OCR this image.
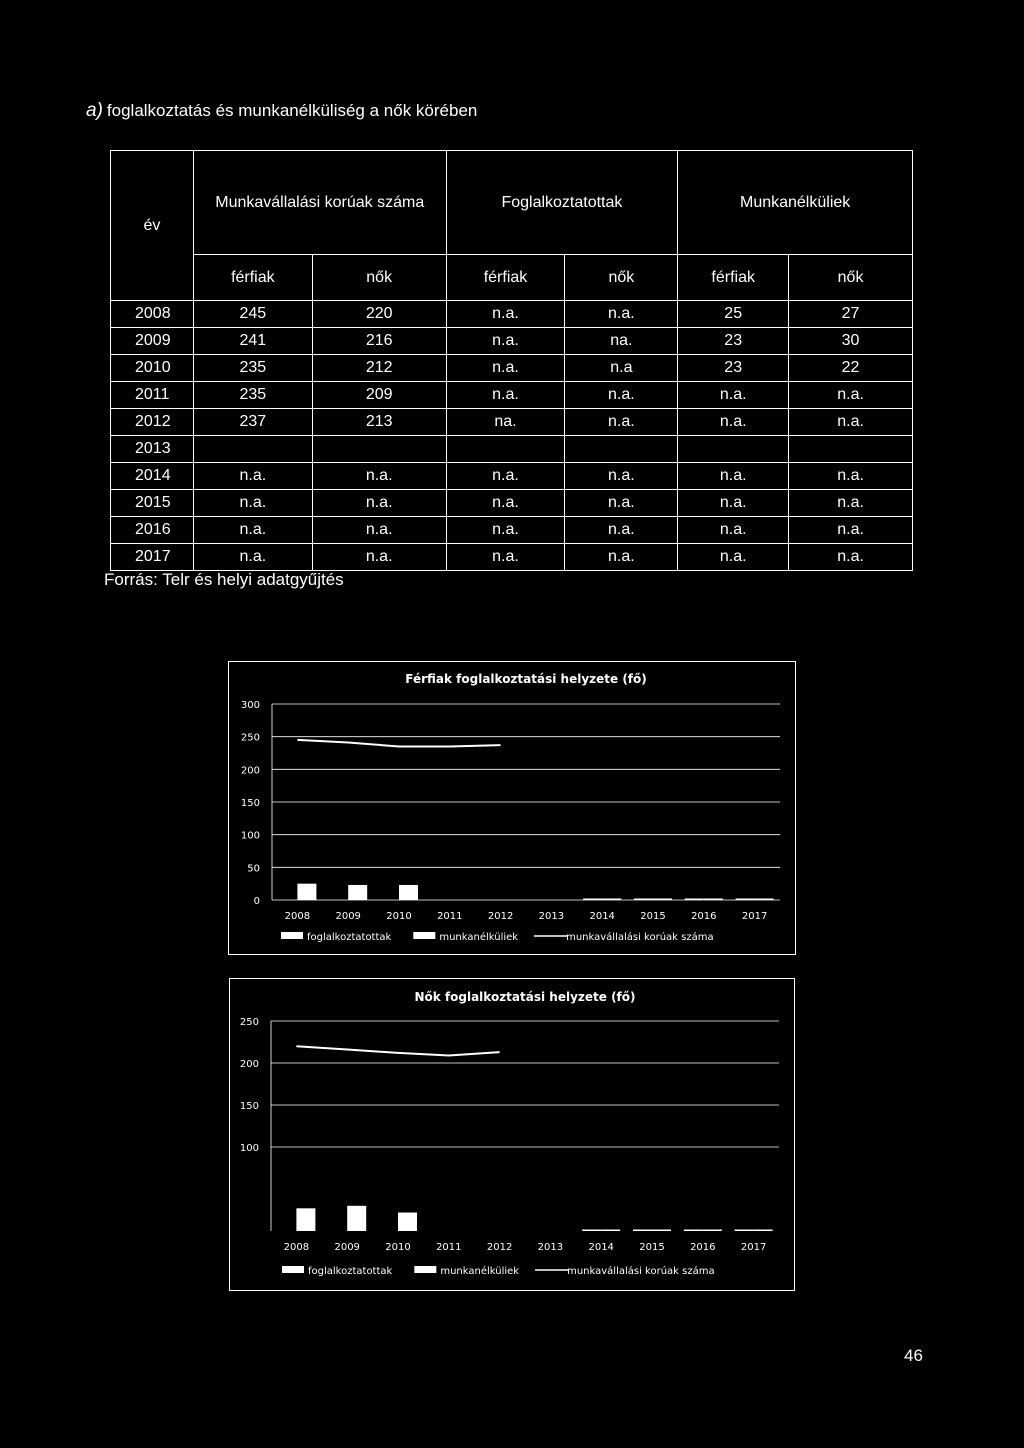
a) foglalkoztatás és munkanélküliség a nők körében
év	Munkavállalási korúak száma		Foglalkoztatottak		Munkanélküliek	
	férfiak	nők	férfiak	nők	férfiak	nők
2008	245	220	n.a.	n.a.	25	27
2009	241	216	n.a.	na.	23	30
2010	235	212	n.a.	n.a	23	22
2011	235	209	n.a.	n.a.	n.a.	n.a.
2012	237	213	na.	n.a.	n.a.	n.a.
2013						
2014	n.a.	n.a.	n.a.	n.a.	n.a.	n.a.
2015	n.a.	n.a.	n.a.	n.a.	n.a.	n.a.
2016	n.a.	n.a.	n.a.	n.a.	n.a.	n.a.
2017	n.a.	n.a.	n.a.	n.a.	n.a.	n.a.
Forrás: Telr és helyi adatgyűjtés
Férfiak foglalkoztatási helyzete (fő)
0
50
100
150
200
250
300
2008	2009	2010	2011	2012	2013	2014	2015	2016	2017
foglalkoztatottak	munkanélküliek	munkavállalási korúak száma
Nők foglalkoztatási helyzete (fő)
100
150
200
250
2008	2009	2010	2011	2012	2013	2014	2015	2016	2017
foglalkoztatottak	munkanélküliek	munkavállalási korúak száma
46
